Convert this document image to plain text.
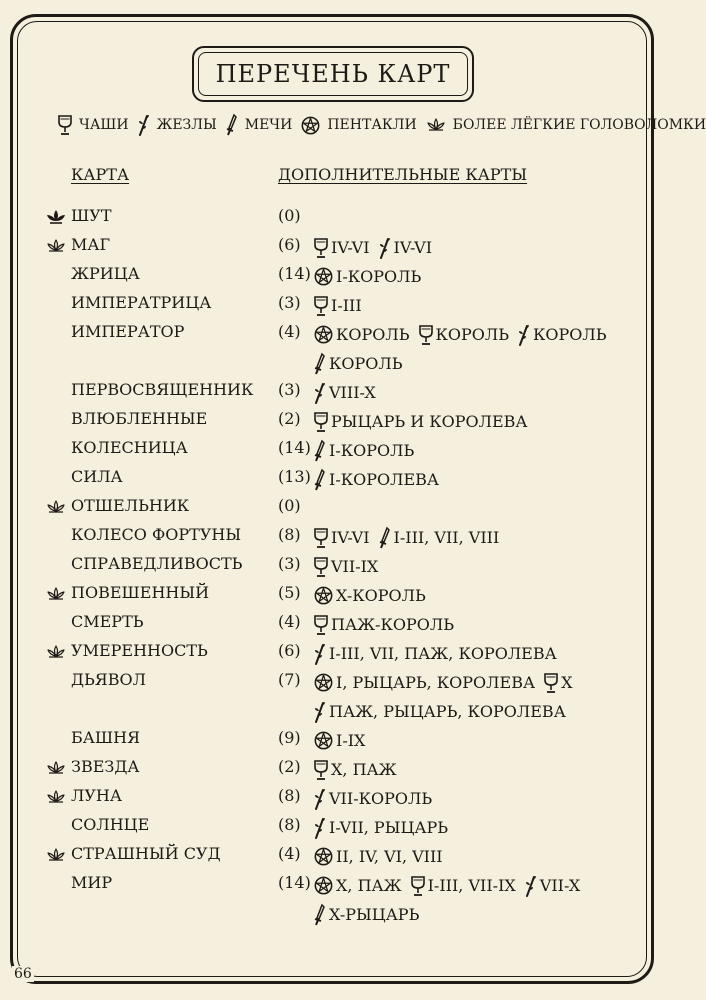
ПЕРЕЧЕНЬ КАРТ
ЧАШИ ЖЕЗЛЫ МЕЧИ	ПЕНТАКЛИ	БОЛЕЕ ЛЁГКИЕ ГОЛОВОЛОМКИ
КАРТА	ДОПОЛНИТЕЛЬНЫЕ КАРТЫ
ШУТ	(0)
МАГ	(6) IV-VI IV-VI
ЖРИЦА	(14) I-КОРОЛЬ
ИМПЕРАТРИЦА	(3) I-III
ИМПЕРАТОР	(4) КОРОЛЬ КОРОЛЬ КОРОЛЬ
КОРОЛЬ
ПЕРВОСВЯЩЕННИК (3) VIII-X
ВЛЮБЛЕННЫЕ	(2) РЫЦАРЬ И КОРОЛЕВА
КОЛЕСНИЦА	(14) I-КОРОЛЬ
СИЛА	(13) I-КОРОЛЕВА
ОТШЕЛЬНИК	(0)
КОЛЕСО ФОРТУНЫ (8) IV-VI I-III, VII, VIII
СПРАВЕДЛИВОСТЬ (3) VII-IX
ПОВЕШЕННЫЙ	(5) X-КОРОЛЬ
СМЕРТЬ	(4) ПАЖ-КОРОЛЬ
УМЕРЕННОСТЬ	(6) I-III, VII, ПАЖ, КОРОЛЕВА
ДЬЯВОЛ	(7) I, РЫЦАРЬ, КОРОЛЕВА X
ПАЖ, РЫЦАРЬ, КОРОЛЕВА
БАШНЯ	(9) I-IX
ЗВЕЗДА	(2) X, ПАЖ
ЛУНА	(8) VII-КОРОЛЬ
СОЛНЦЕ	(8) I-VII, РЫЦАРЬ
СТРАШНЫЙ СУД	(4) II, IV, VI, VIII
МИР	(14) X, ПАЖ I-III, VII-IX VII-X
X-РЫЦАРЬ
66
